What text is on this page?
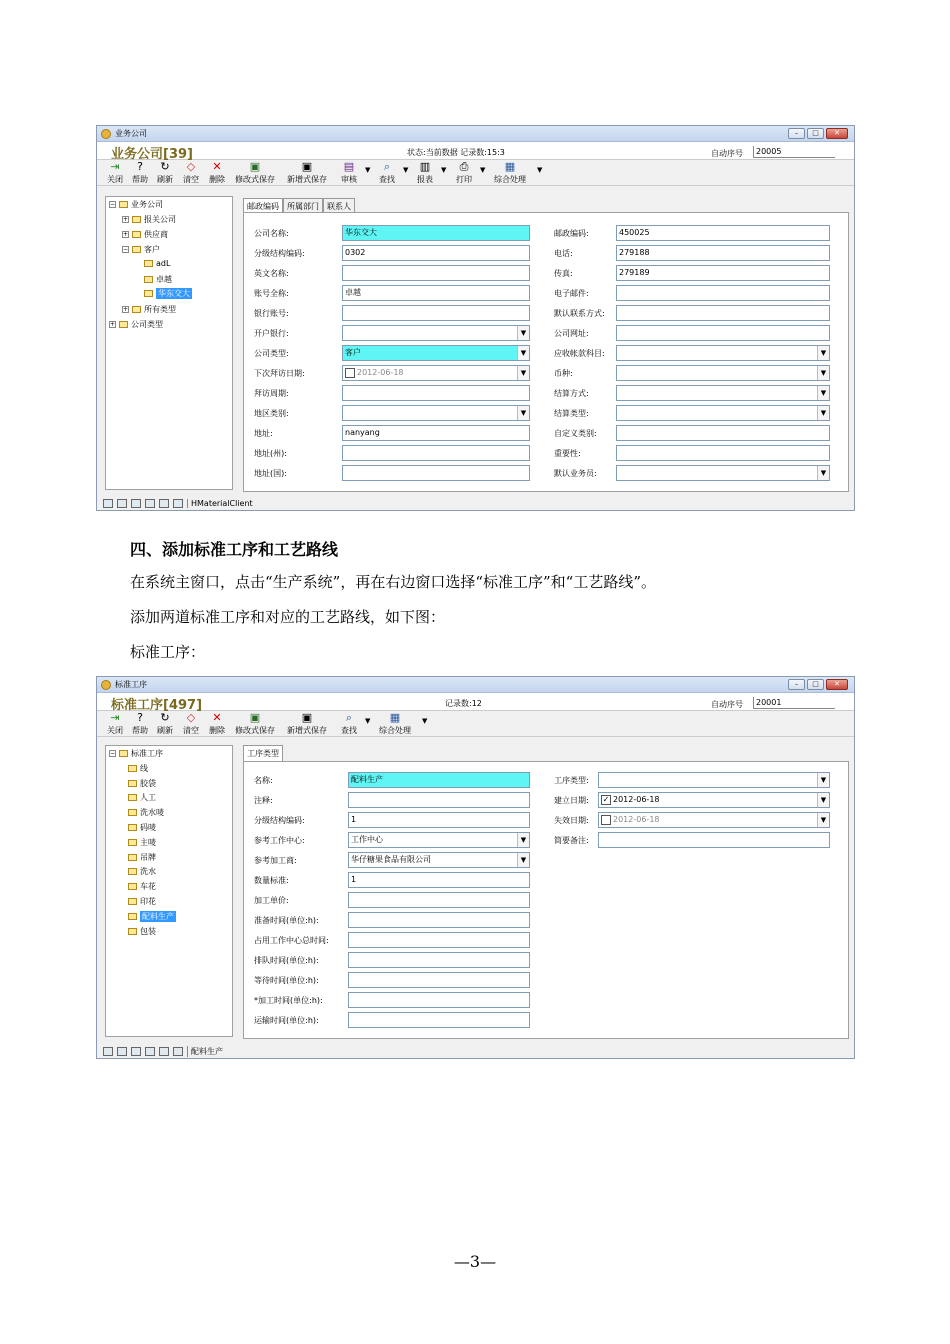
业务公司	–	□	✕
业务公司[39]	状态:当前数据 记录数:15:3	自动序号	20005
⇥
关闭
?
帮助
↻
刷新
◇
清空
✕
删除
▣
修改式保存
▣
新增式保存
▤
审核
▼ ⌕
查找
▼ ▥
报表
▼ ⎙
打印
▼ ▦
综合处理
▼
− 业务公司
+ 报关公司
+ 供应商
− 客户
adL
卓越
华东交大
+ 所有类型
+ 公司类型
邮政编码	所属部门	联系人
公司名称:	华东交大
分级结构编码:	0302
英文名称:
账号全称:	卓越
银行账号:
开户银行:	▼
公司类型:	客户	▼
下次拜访日期:	2012-06-18	▼
拜访周期:
地区类别:	▼
地址:	nanyang
地址(州):
地址(国):
邮政编码:	450025
电话:	279188
传真:	279189
电子邮件:
默认联系方式:
公司网址:
应收帐款科目:	▼
币种:	▼
结算方式:	▼
结算类型:	▼
自定义类别:
重要性:
默认业务员:	▼
HMaterialClient
四、添加标准工序和工艺路线
在系统主窗口，点击“生产系统”，再在右边窗口选择“标准工序”和“工艺路线”。
添加两道标准工序和对应的工艺路线，如下图：
标准工序：
标准工序	–	□	✕
标准工序[497]	记录数:12	自动序号	20001
⇥
关闭
?
帮助
↻
刷新
◇
清空
✕
删除
▣
修改式保存
▣
新增式保存
⌕
查找
▼ ▦
综合处理
▼
− 标准工序
线
胶袋
人工
洗水唛
码唛
主唛
吊牌
洗水
车花
印花
配料生产
包装
工序类型
名称:	配料生产
注释:
分级结构编码:	1
参考工作中心:	工作中心	▼
参考加工商:	华仔糖果食品有限公司	▼
数量标准:	1
加工单价:
准备时间(单位:h):
占用工作中心总时间:
排队时间(单位:h):
等待时间(单位:h):
*加工时间(单位:h):
运输时间(单位:h):
工序类型:	▼
建立日期:	✓ 2012-06-18	▼
失效日期:	2012-06-18	▼
简要备注:
配料生产
—3—
